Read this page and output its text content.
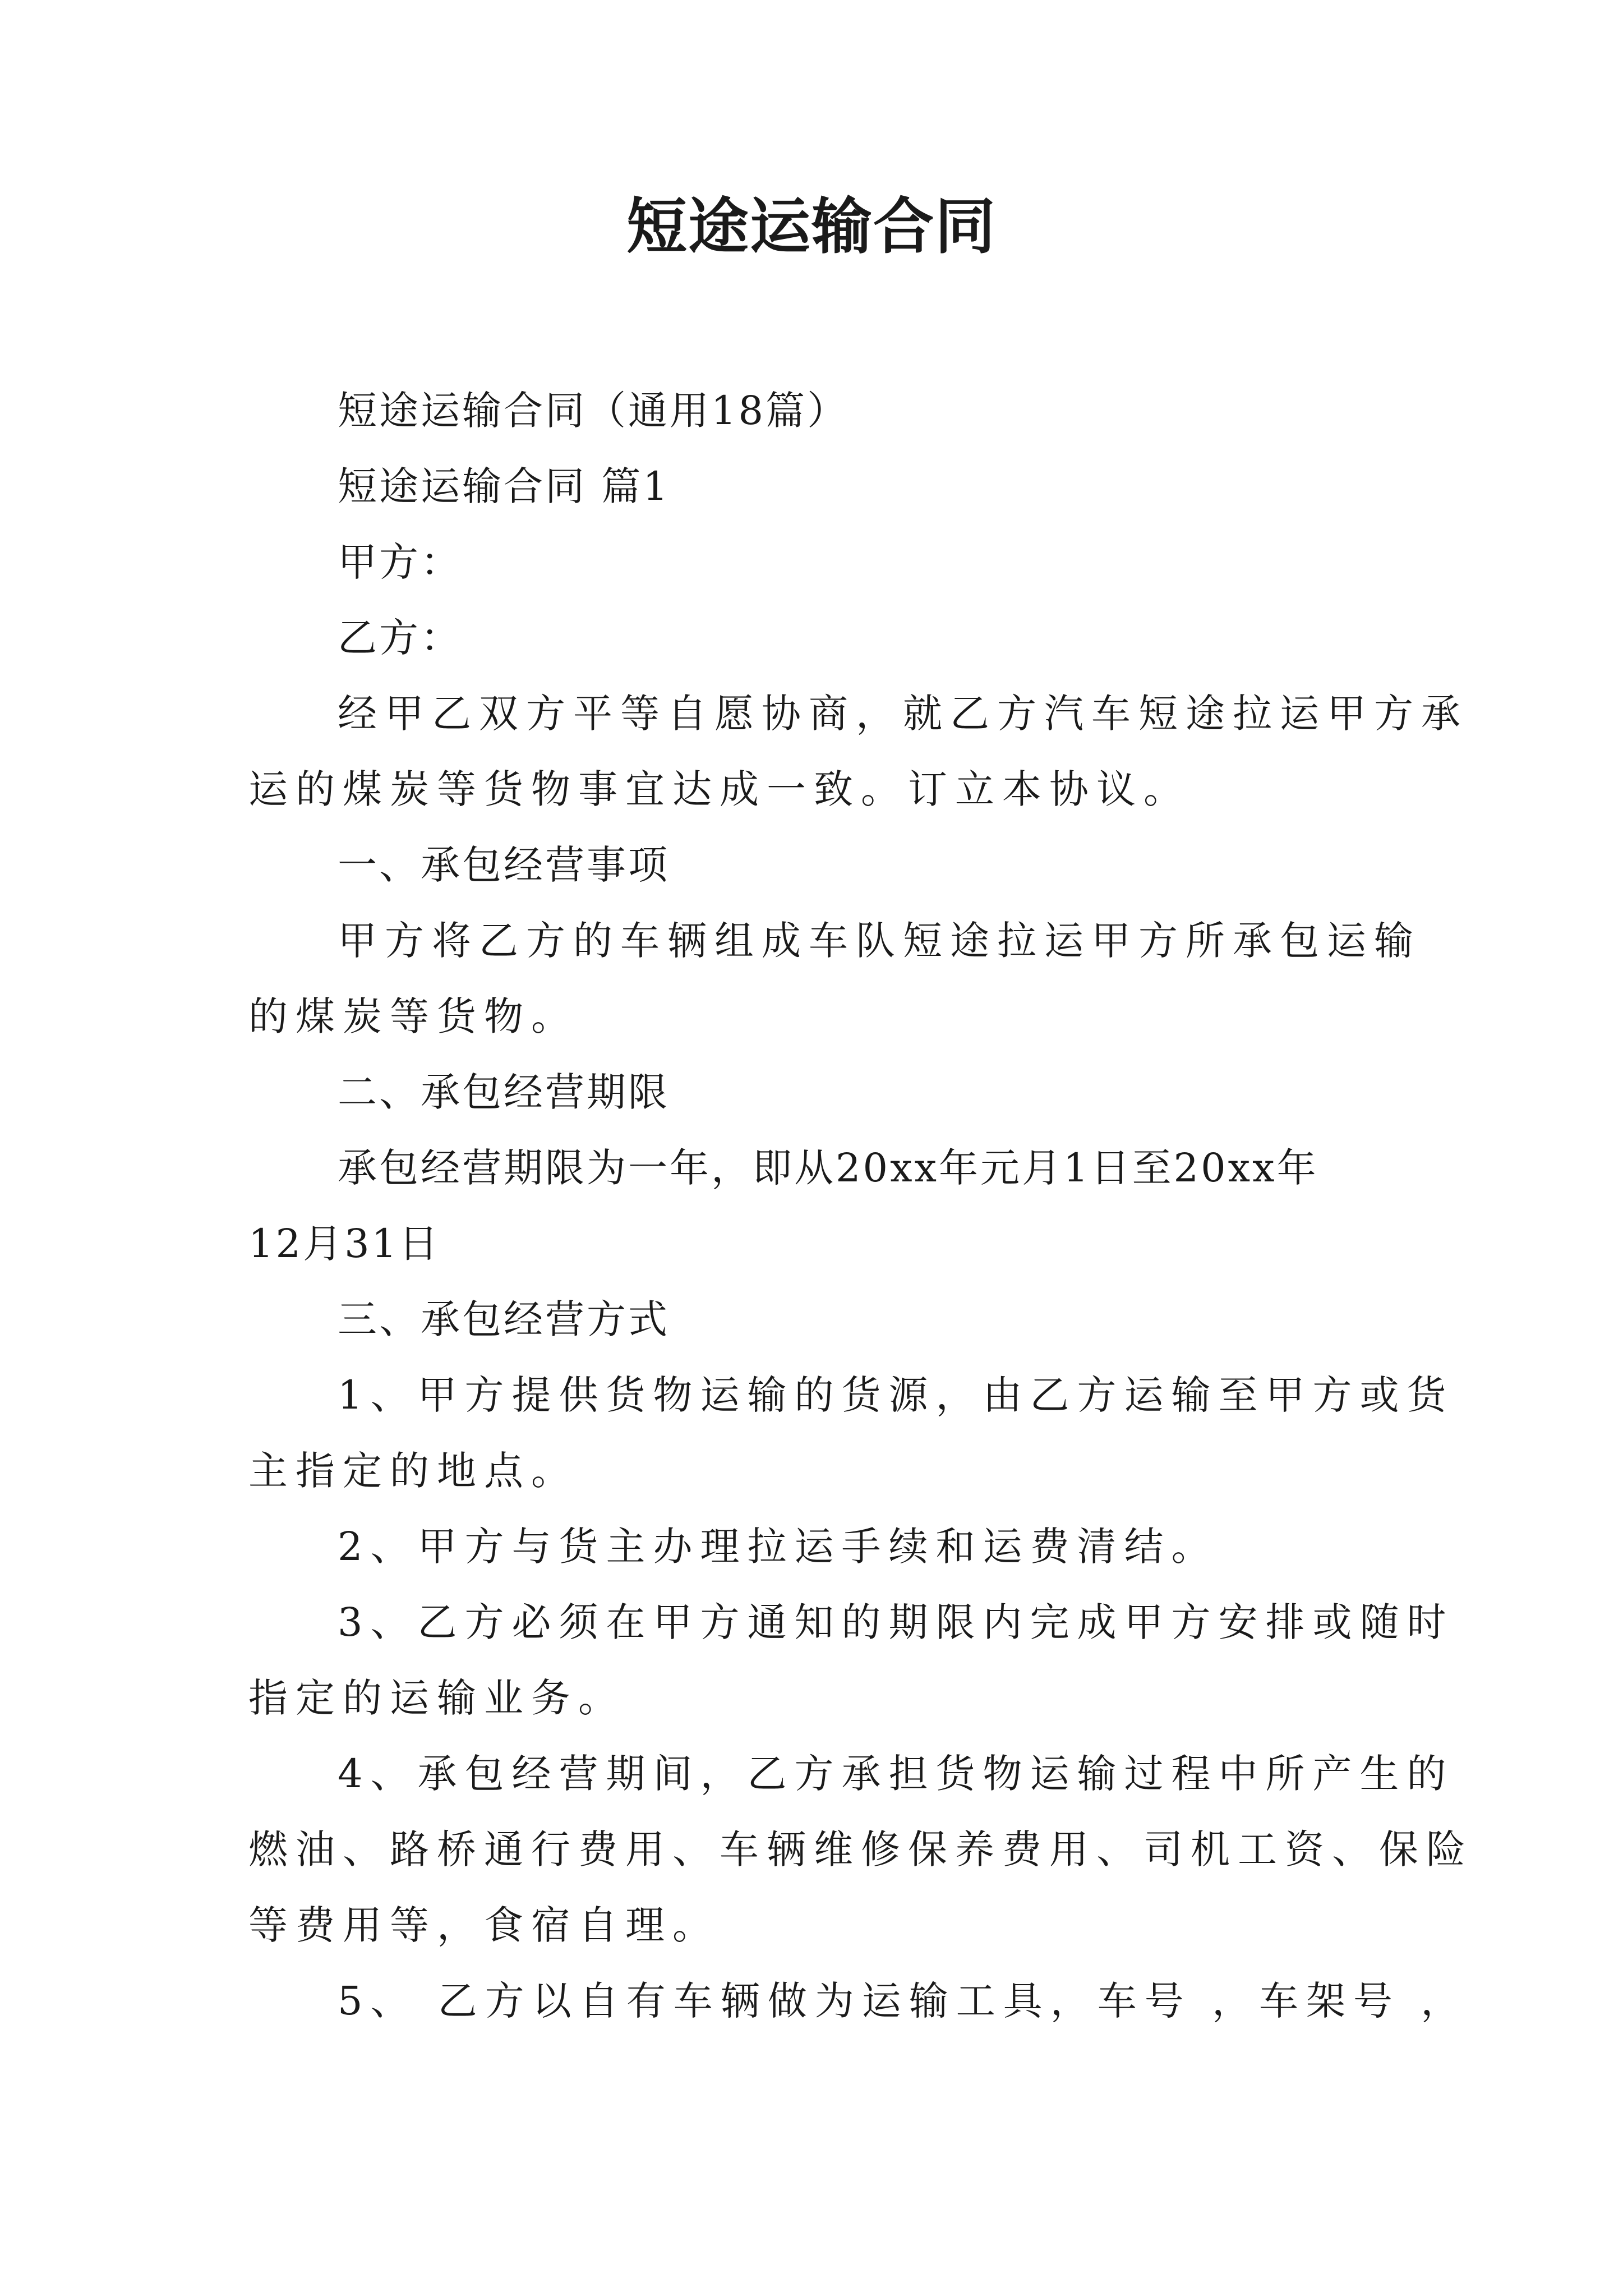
短途运输合同
短途运输合同（通用18篇）
短途运输合同 篇1
甲方：
乙方：
经甲乙双方平等自愿协商，就乙方汽车短途拉运甲方承
运的煤炭等货物事宜达成一致。订立本协议。
一、承包经营事项
甲方将乙方的车辆组成车队短途拉运甲方所承包运输
的煤炭等货物。
二、承包经营期限
承包经营期限为一年，即从20xx年元月1日至20xx年
12月31日
三、承包经营方式
1、甲方提供货物运输的货源，由乙方运输至甲方或货
主指定的地点。
2、甲方与货主办理拉运手续和运费清结。
3、乙方必须在甲方通知的期限内完成甲方安排或随时
指定的运输业务。
4、承包经营期间，乙方承担货物运输过程中所产生的
燃油、路桥通行费用、车辆维修保养费用、司机工资、保险
等费用等，食宿自理。
5、 乙方以自有车辆做为运输工具，车号 ，车架号 ，
